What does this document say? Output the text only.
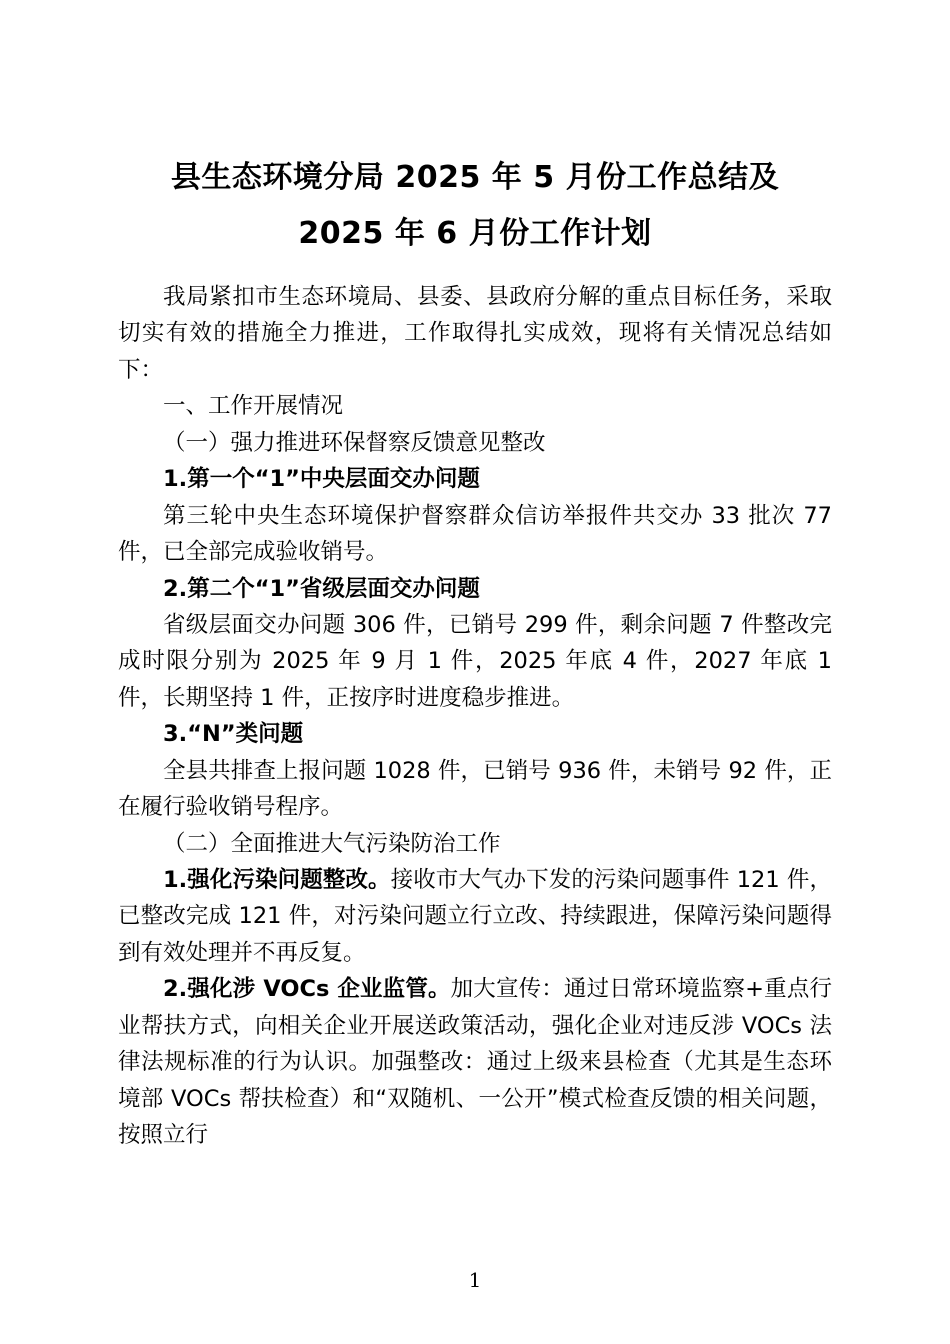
县生态环境分局 2025 年 5 月份工作总结及
2025 年 6 月份工作计划

我局紧扣市生态环境局、县委、县政府分解的重点目标任务，采取切实有效的措施全力推进，工作取得扎实成效，现将有关情况总结如下：

一、工作开展情况

（一）强力推进环保督察反馈意见整改

1.第一个“1”中央层面交办问题

第三轮中央生态环境保护督察群众信访举报件共交办 33 批次 77 件，已全部完成验收销号。

2.第二个“1”省级层面交办问题

省级层面交办问题 306 件，已销号 299 件，剩余问题 7 件整改完成时限分别为 2025 年 9 月 1 件，2025 年底 4 件，2027 年底 1 件，长期坚持 1 件，正按序时进度稳步推进。

3.“N”类问题

全县共排查上报问题 1028 件，已销号 936 件，未销号 92 件，正在履行验收销号程序。

（二）全面推进大气污染防治工作

1.强化污染问题整改。接收市大气办下发的污染问题事件 121 件，已整改完成 121 件，对污染问题立行立改、持续跟进，保障污染问题得到有效处理并不再反复。

2.强化涉 VOCs 企业监管。加大宣传：通过日常环境监察+重点行业帮扶方式，向相关企业开展送政策活动，强化企业对违反涉 VOCs 法律法规标准的行为认识。加强整改：通过上级来县检查（尤其是生态环境部 VOCs 帮扶检查）和“双随机、一公开”模式检查反馈的相关问题，按照立行

1
